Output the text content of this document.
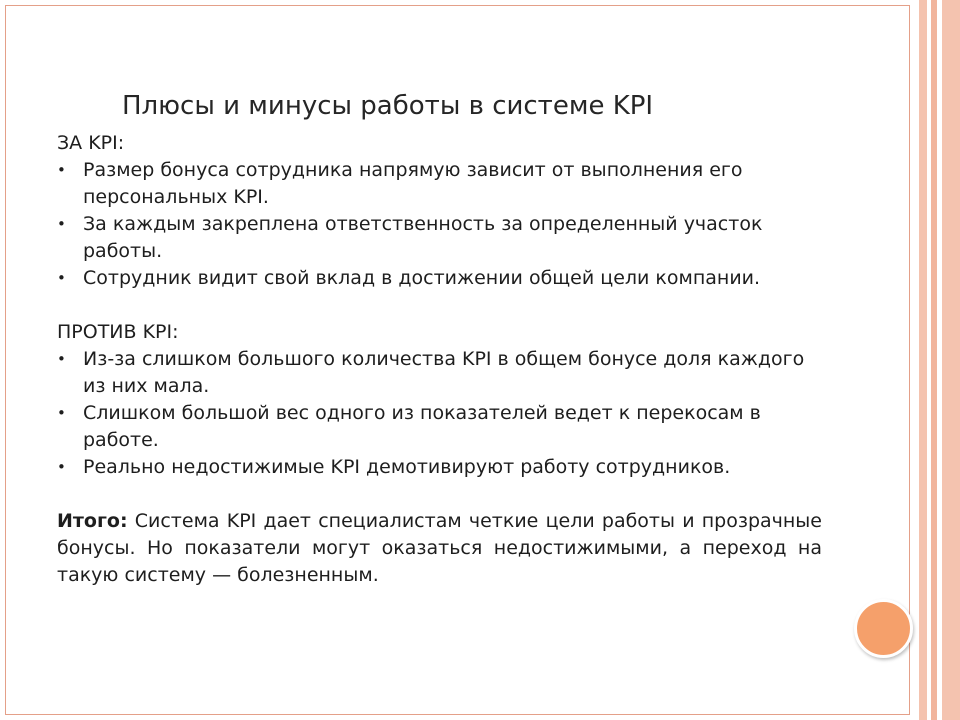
Плюсы и минусы работы в системе KPI

ЗА KPI:

• Размер бонуса сотрудника напрямую зависит от выполнения его персональных KPI.
• За каждым закреплена ответственность за определенный участок работы.
• Сотрудник видит свой вклад в достижении общей цели компании.

ПРОТИВ KPI:

• Из-за слишком большого количества KPI в общем бонусе доля каждого из них мала.
• Слишком большой вес одного из показателей ведет к перекосам в работе.
• Реально недостижимые KPI демотивируют работу сотрудников.

Итого: Система KPI дает специалистам четкие цели работы и прозрачные бонусы. Но показатели могут оказаться недостижимыми, а переход на такую систему — болезненным.
